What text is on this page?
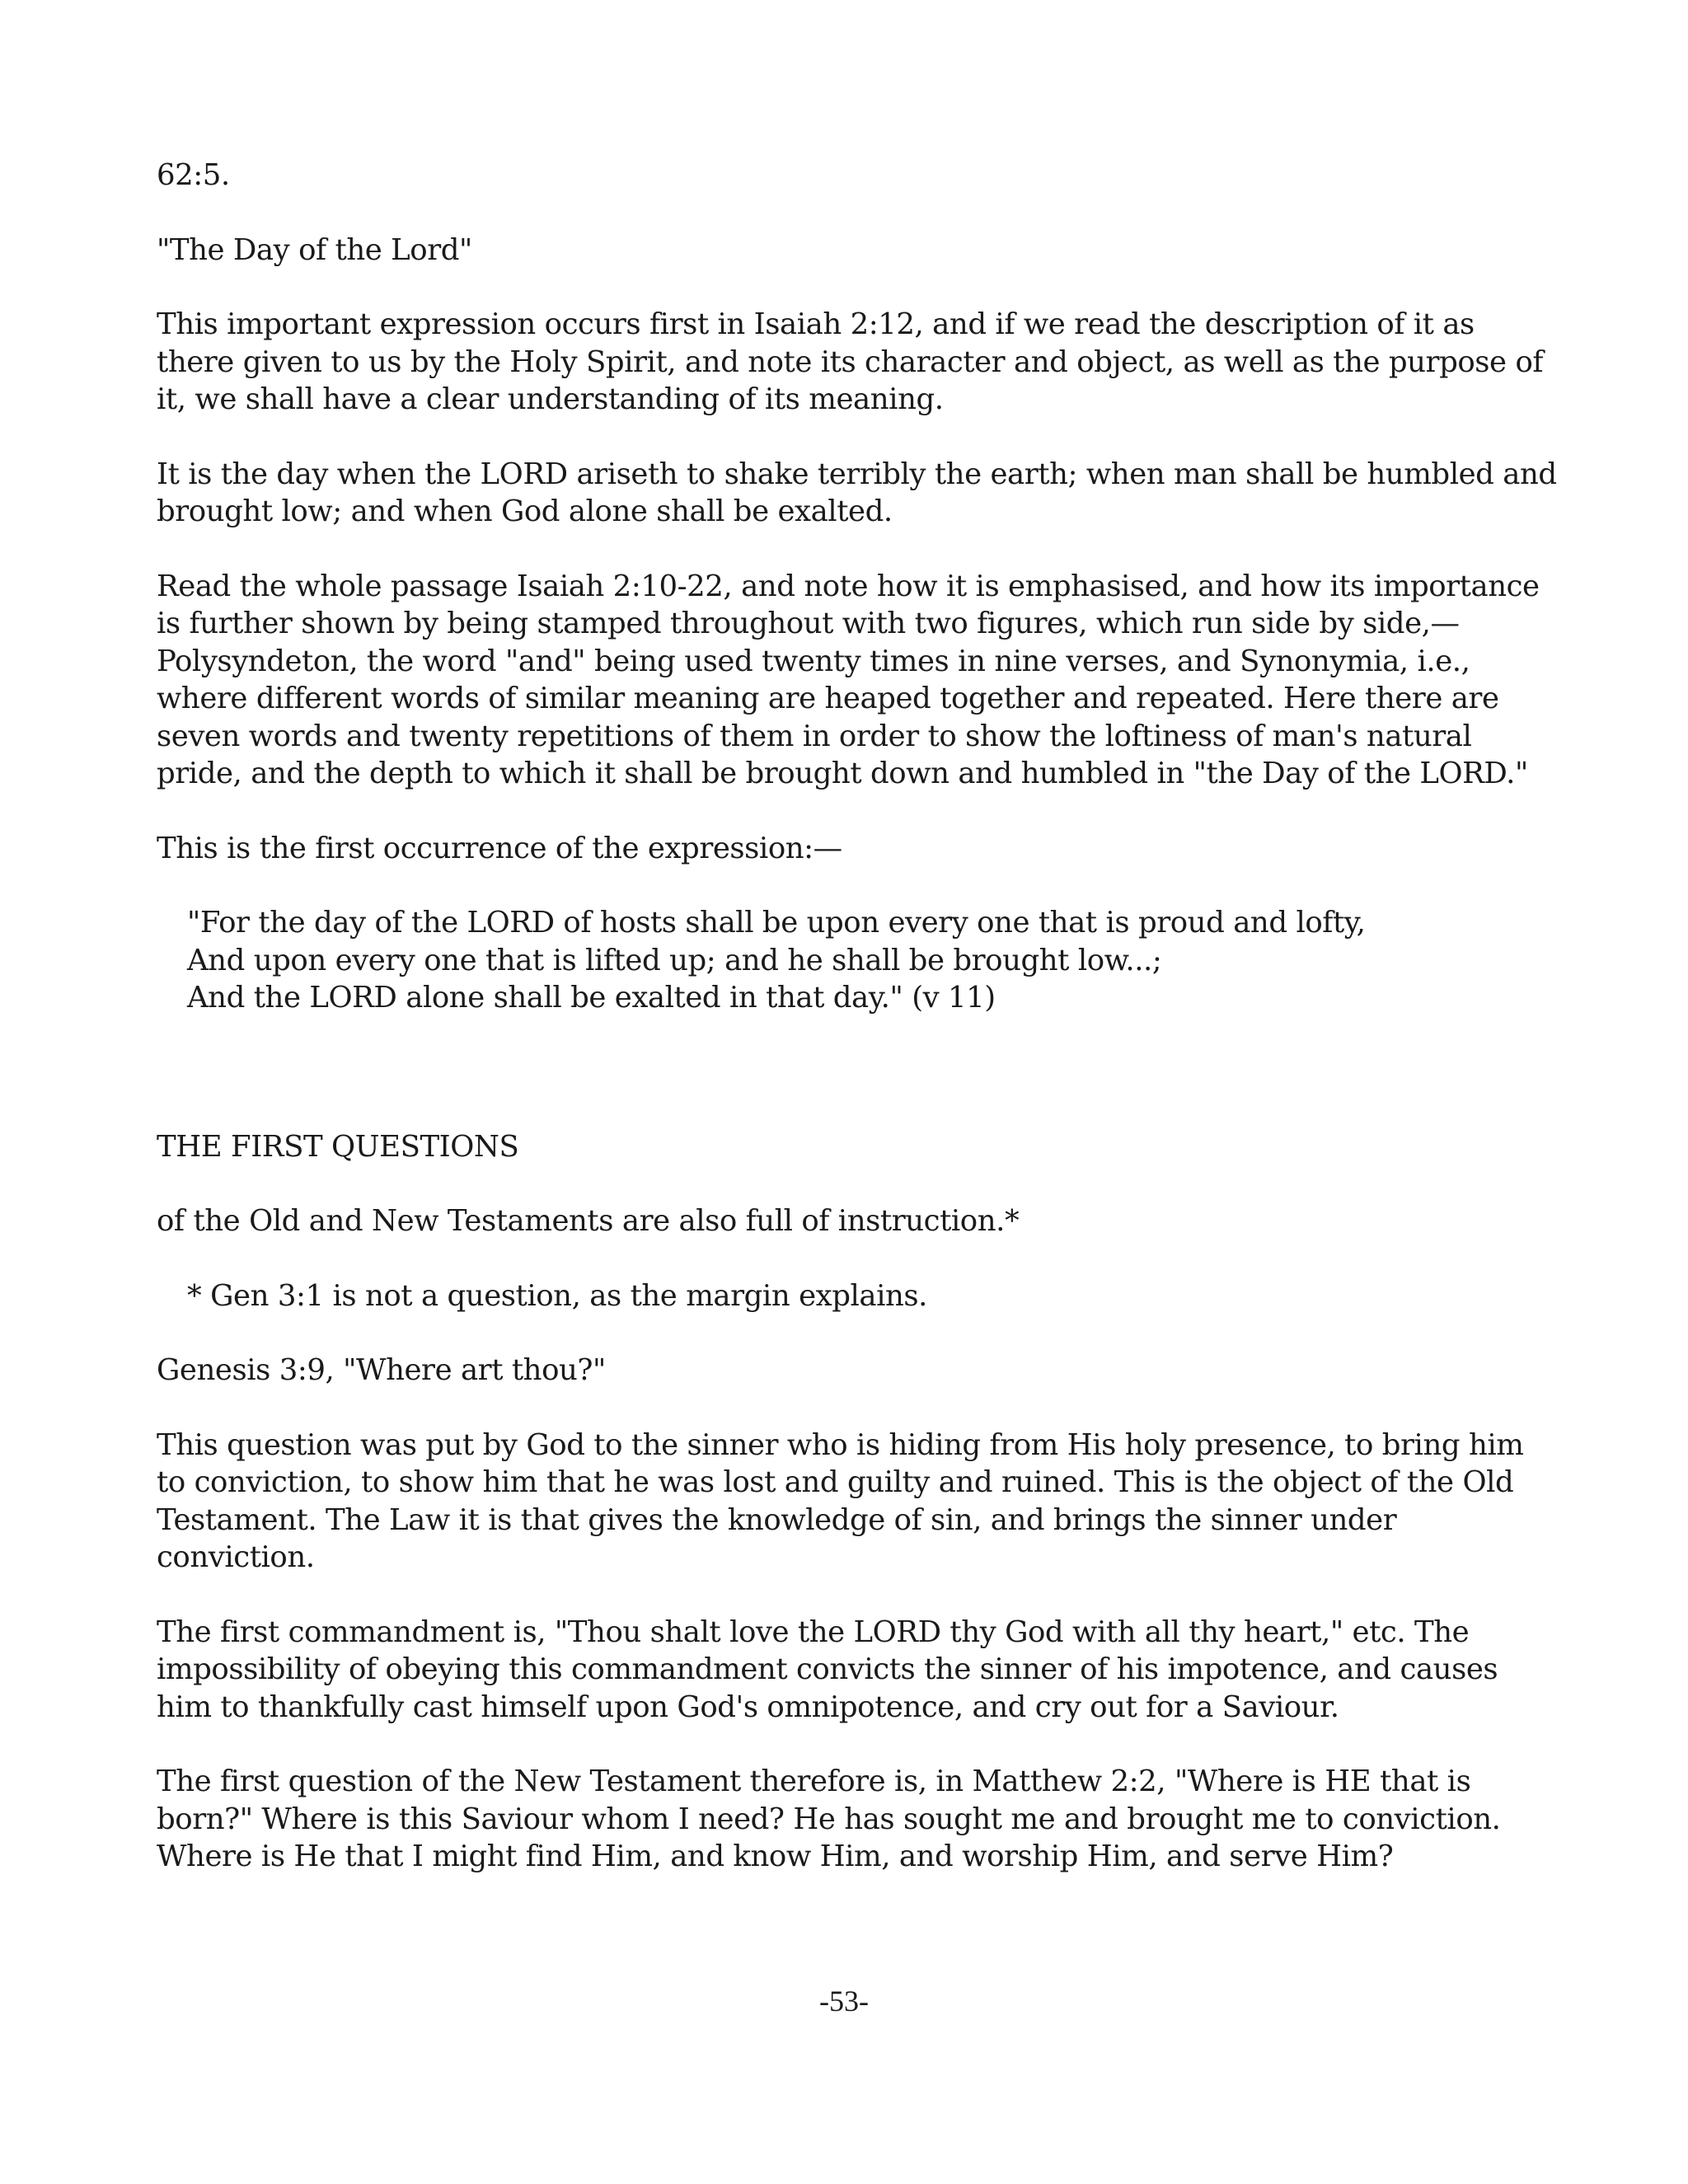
62:5.

"The Day of the Lord"

This important expression occurs first in Isaiah 2:12, and if we read the description of it as there given to us by the Holy Spirit, and note its character and object, as well as the purpose of it, we shall have a clear understanding of its meaning.

It is the day when the LORD ariseth to shake terribly the earth; when man shall be humbled and brought low; and when God alone shall be exalted.

Read the whole passage Isaiah 2:10-22, and note how it is emphasised, and how its importance is further shown by being stamped throughout with two figures, which run side by side,—Polysyndeton, the word "and" being used twenty times in nine verses, and Synonymia, i.e., where different words of similar meaning are heaped together and repeated. Here there are seven words and twenty repetitions of them in order to show the loftiness of man's natural pride, and the depth to which it shall be brought down and humbled in "the Day of the LORD."

This is the first occurrence of the expression:—

"For the day of the LORD of hosts shall be upon every one that is proud and lofty,
And upon every one that is lifted up; and he shall be brought low...;
And the LORD alone shall be exalted in that day." (v 11)

THE FIRST QUESTIONS

of the Old and New Testaments are also full of instruction.*

* Gen 3:1 is not a question, as the margin explains.

Genesis 3:9, "Where art thou?"

This question was put by God to the sinner who is hiding from His holy presence, to bring him to conviction, to show him that he was lost and guilty and ruined. This is the object of the Old Testament. The Law it is that gives the knowledge of sin, and brings the sinner under conviction.

The first commandment is, "Thou shalt love the LORD thy God with all thy heart," etc. The impossibility of obeying this commandment convicts the sinner of his impotence, and causes him to thankfully cast himself upon God's omnipotence, and cry out for a Saviour.

The first question of the New Testament therefore is, in Matthew 2:2, "Where is HE that is born?" Where is this Saviour whom I need? He has sought me and brought me to conviction. Where is He that I might find Him, and know Him, and worship Him, and serve Him?

-53-
